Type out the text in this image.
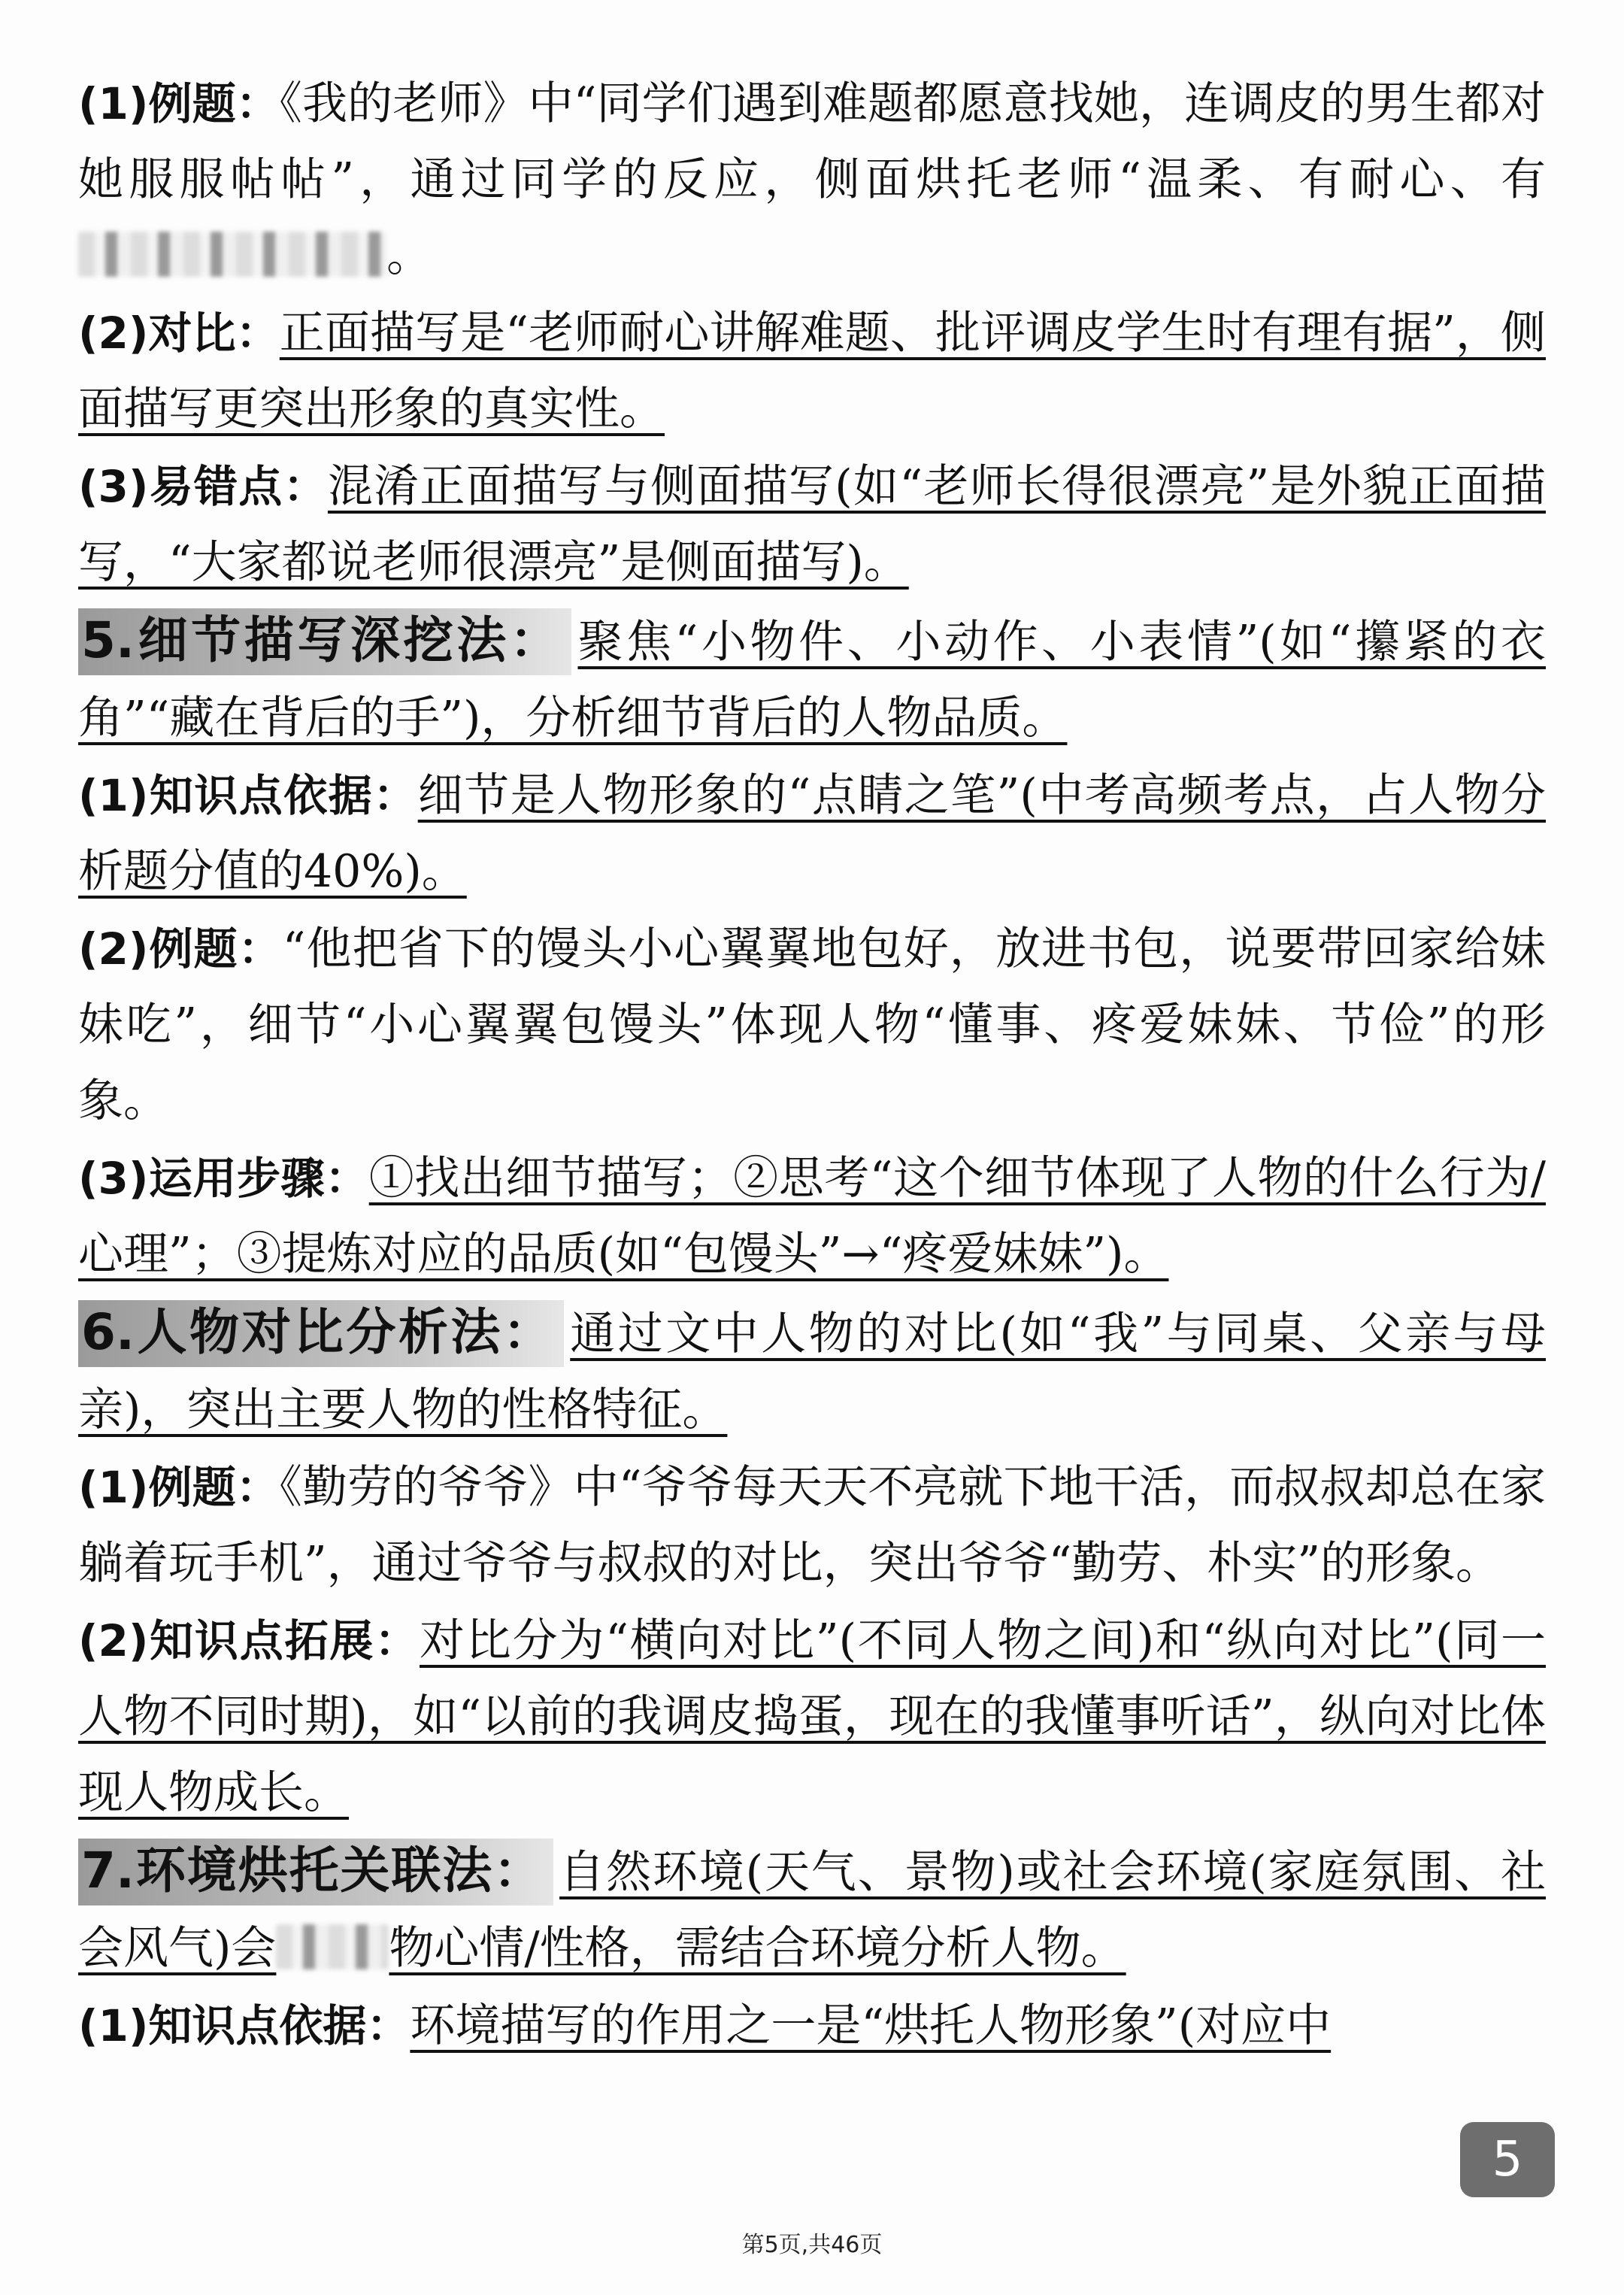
(1)例题：《我的老师》中“同学们遇到难题都愿意找她，连调皮的男生都对她服服帖帖”，通过同学的反应，侧面烘托老师“温柔、有耐心、有。

(2)对比：正面描写是“老师耐心讲解难题、批评调皮学生时有理有据”，侧面描写更突出形象的真实性。

(3)易错点：混淆正面描写与侧面描写(如“老师长得很漂亮”是外貌正面描写，“大家都说老师很漂亮”是侧面描写)。

5.细节描写深挖法： 聚焦“小物件、小动作、小表情”(如“攥紧的衣角”“藏在背后的手”)，分析细节背后的人物品质。

(1)知识点依据：细节是人物形象的“点睛之笔”(中考高频考点，占人物分析题分值的40%)。

(2)例题：“他把省下的馒头小心翼翼地包好，放进书包，说要带回家给妹妹吃”，细节“小心翼翼包馒头”体现人物“懂事、疼爱妹妹、节俭”的形象。

(3)运用步骤：①找出细节描写；②思考“这个细节体现了人物的什么行为/心理”；③提炼对应的品质(如“包馒头”→“疼爱妹妹”)。

6.人物对比分析法： 通过文中人物的对比(如“我”与同桌、父亲与母亲)，突出主要人物的性格特征。

(1)例题：《勤劳的爷爷》中“爷爷每天天不亮就下地干活，而叔叔却总在家躺着玩手机”，通过爷爷与叔叔的对比，突出爷爷“勤劳、朴实”的形象。

(2)知识点拓展：对比分为“横向对比”(不同人物之间)和“纵向对比”(同一人物不同时期)，如“以前的我调皮捣蛋，现在的我懂事听话”，纵向对比体现人物成长。

7.环境烘托关联法： 自然环境(天气、景物)或社会环境(家庭氛围、社会风气)会	物心情/性格，需结合环境分析人物。

(1)知识点依据：环境描写的作用之一是“烘托人物形象”(对应中

5
第5页,共46页
